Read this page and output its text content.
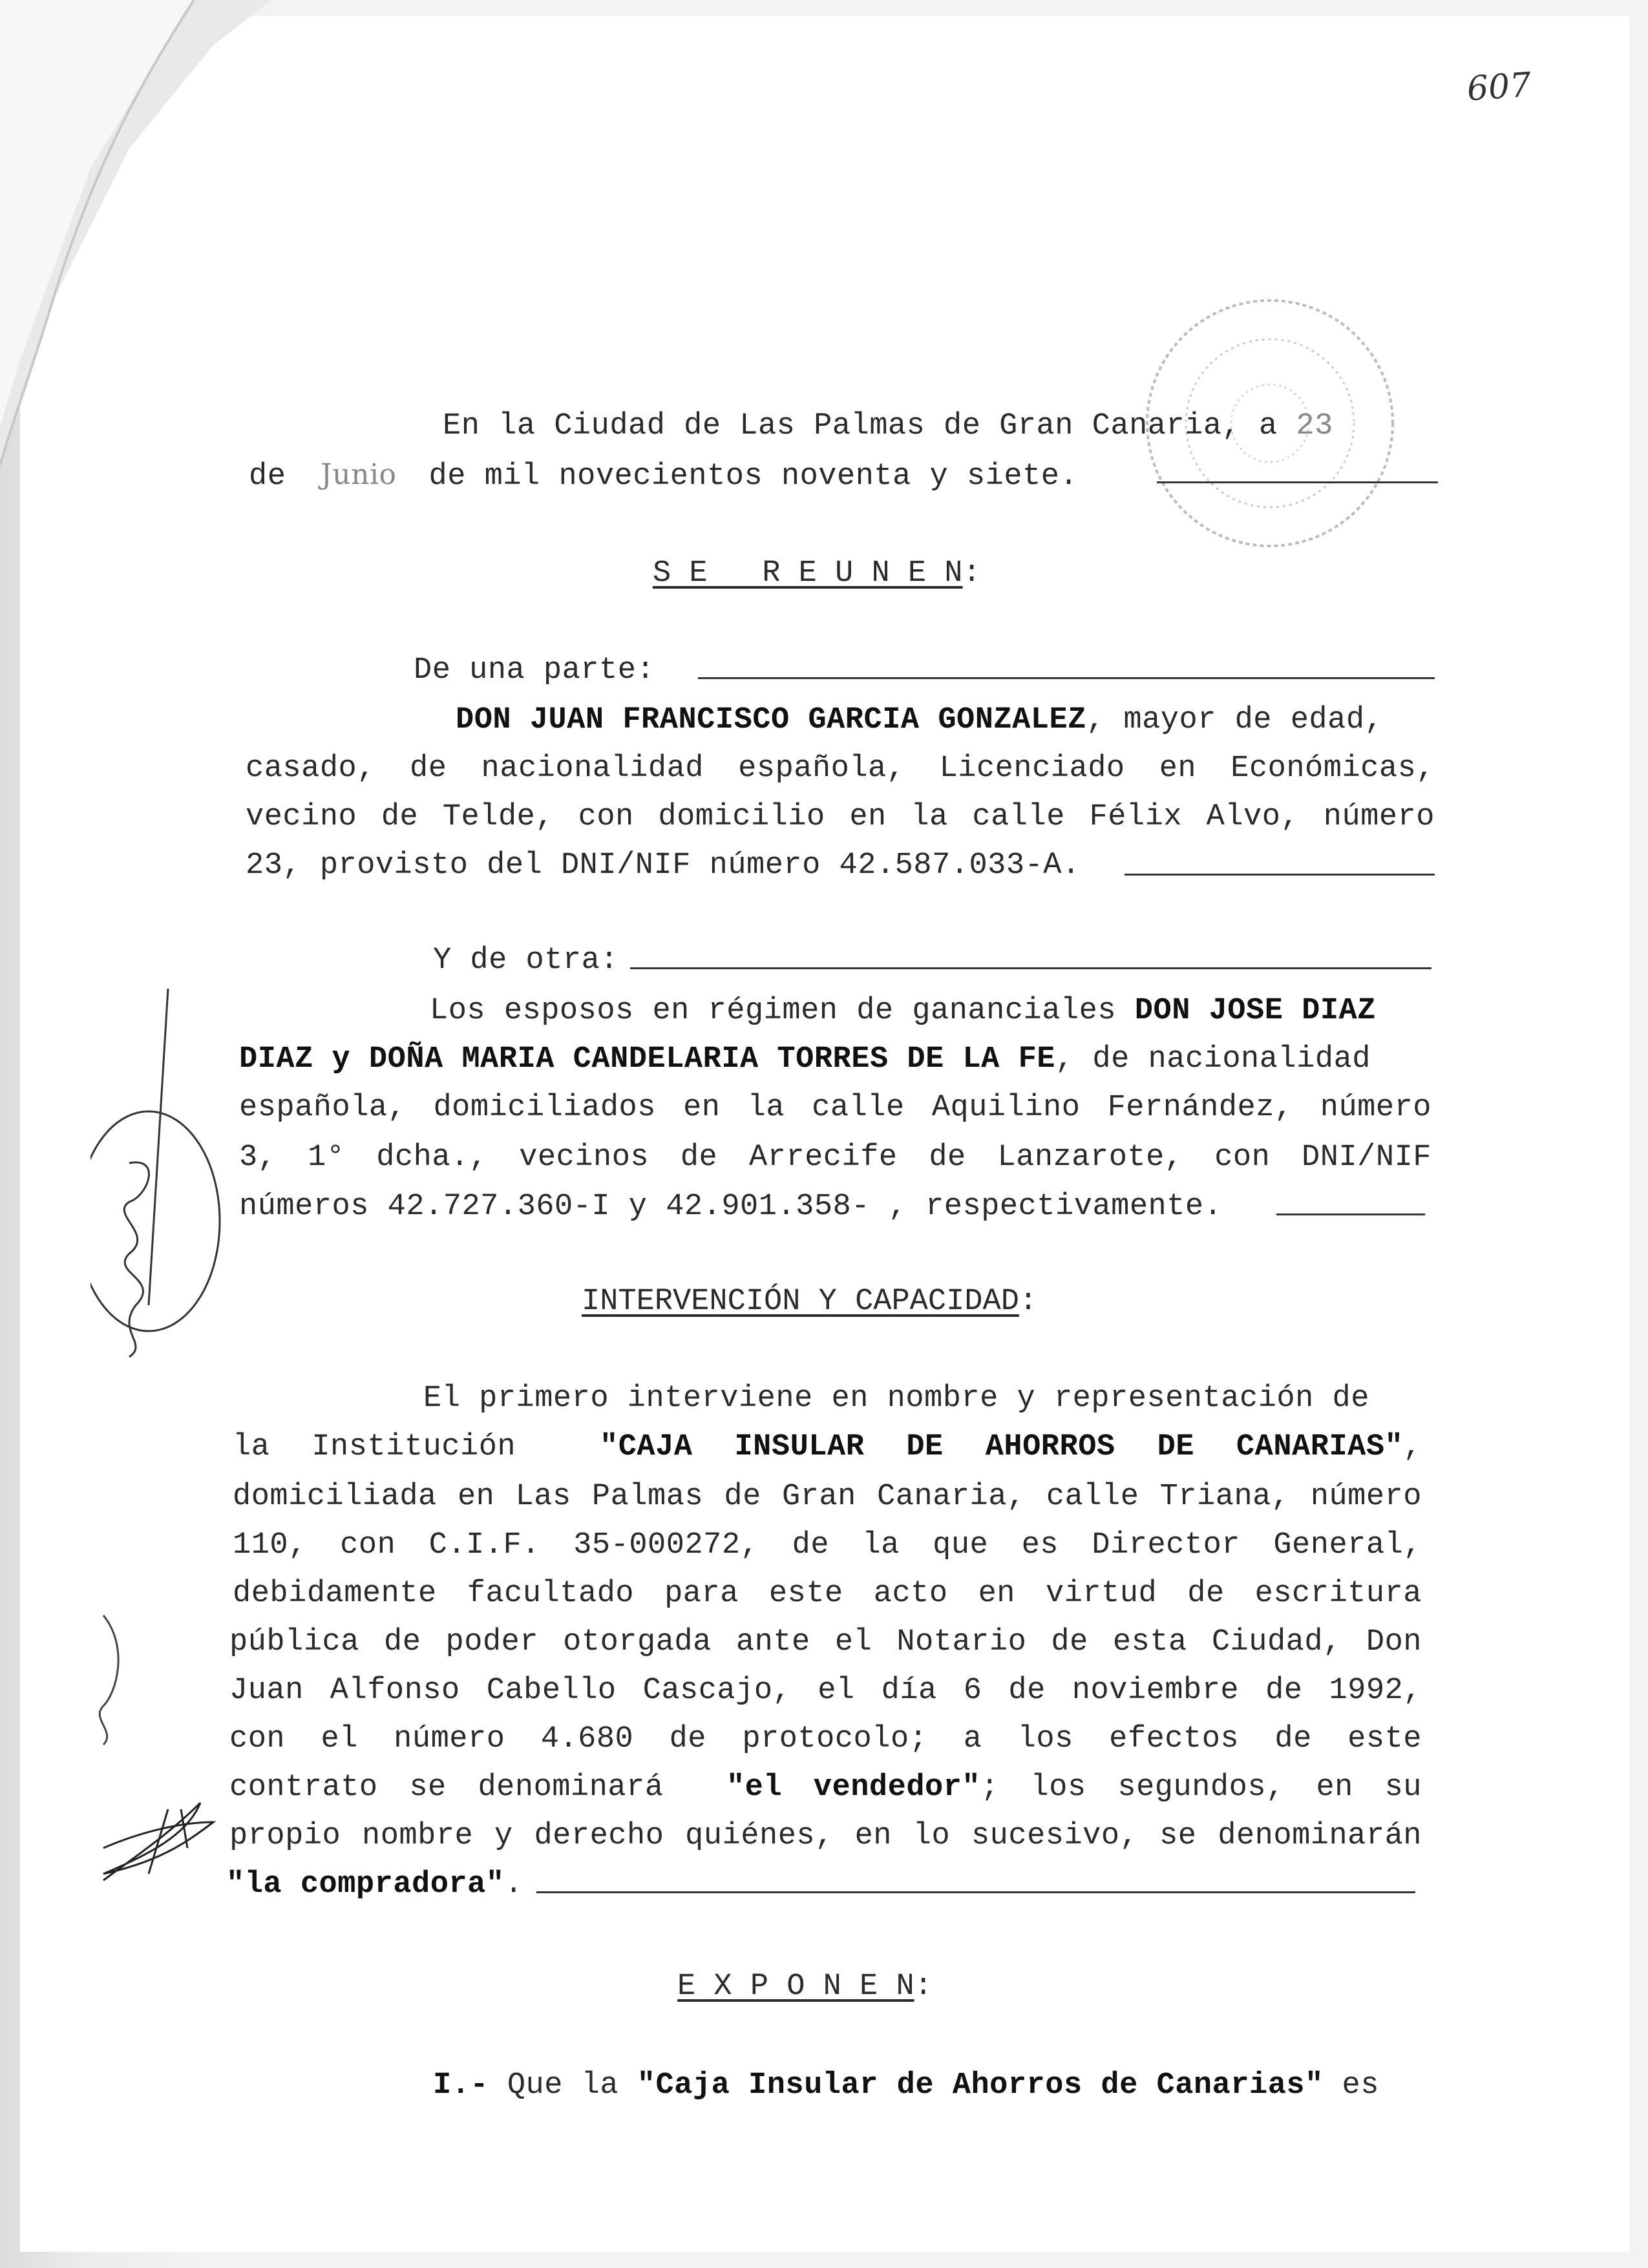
607
En la Ciudad de Las Palmas de Gran Canaria, a 23
de Junio de mil novecientos noventa y siete.
S E   R E U N E N:
De una parte:
DON JUAN FRANCISCO GARCIA GONZALEZ, mayor de edad,
casado, de nacionalidad española, Licenciado en Económicas,
vecino de Telde, con domicilio en la calle Félix Alvo, número
23, provisto del DNI/NIF número 42.587.033-A.
Y de otra:
Los esposos en régimen de gananciales DON JOSE DIAZ
DIAZ y DOÑA MARIA CANDELARIA TORRES DE LA FE, de nacionalidad
española, domiciliados en la calle Aquilino Fernández, número
3, 1° dcha., vecinos de Arrecife de Lanzarote, con DNI/NIF
números 42.727.360-I y 42.901.358- , respectivamente.
INTERVENCIÓN Y CAPACIDAD:
El primero interviene en nombre y representación de
la Institución  "CAJA INSULAR DE AHORROS DE CANARIAS",
domiciliada en Las Palmas de Gran Canaria, calle Triana, número
110, con C.I.F. 35-000272, de la que es Director General,
debidamente facultado para este acto en virtud de escritura
pública de poder otorgada ante el Notario de esta Ciudad, Don
Juan Alfonso Cabello Cascajo, el día 6 de noviembre de 1992,
con el número 4.680 de protocolo; a los efectos de este
contrato se denominará  "el vendedor"; los segundos, en su
propio nombre y derecho quiénes, en lo sucesivo, se denominarán
"la compradora".
E X P O N E N:
I.- Que la "Caja Insular de Ahorros de Canarias" es
